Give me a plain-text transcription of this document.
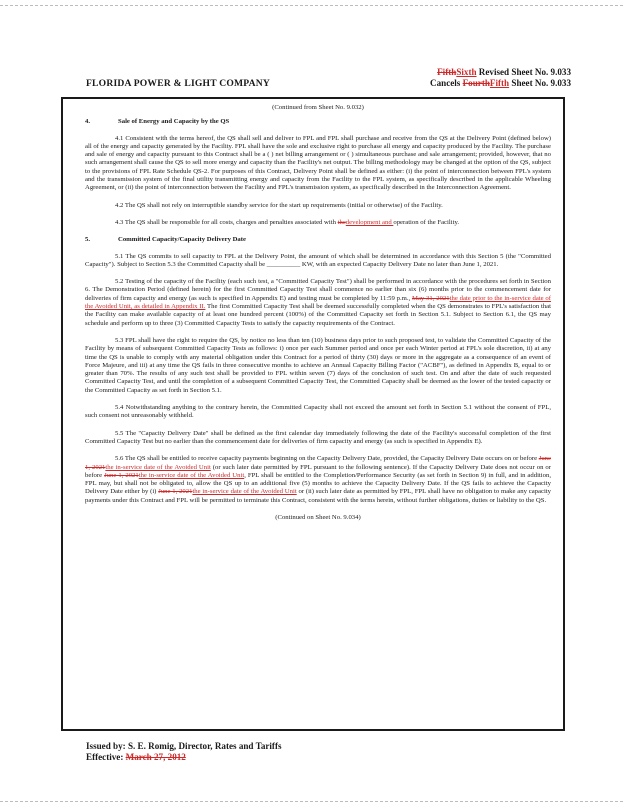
FLORIDA POWER & LIGHT COMPANY
FifthSixth Revised Sheet No. 9.033
Cancels FourthFifth Sheet No. 9.033
(Continued from Sheet No. 9.032)
4.	Sale of Energy and Capacity by the QS

4.1 Consistent with the terms hereof, the QS shall sell and deliver to FPL and FPL shall purchase and receive from the QS at the Delivery Point (defined below) all of the energy and capacity generated by the Facility. FPL shall have the sole and exclusive right to purchase all energy and capacity produced by the Facility. The purchase and sale of energy and capacity pursuant to this Contract shall be a ( ) net billing arrangement or ( ) simultaneous purchase and sale arrangement; provided, however, that no such arrangement shall cause the QS to sell more energy and capacity than the Facility's net output. The billing methodology may be changed at the option of the QS, subject to the provisions of FPL Rate Schedule QS-2. For purposes of this Contract, Delivery Point shall be defined as either: (i) the point of interconnection between FPL's system and the transmission system of the final utility transmitting energy and capacity from the Facility to the FPL system, as specifically described in the applicable Wheeling Agreement, or (ii) the point of interconnection between the Facility and FPL's transmission system, as specifically described in the Interconnection Agreement.

4.2 The QS shall not rely on interruptible standby service for the start up requirements (initial or otherwise) of the Facility.

4.3 The QS shall be responsible for all costs, charges and penalties associated with thedevelopment and operation of the Facility.

5.	Committed Capacity/Capacity Delivery Date

5.1 The QS commits to sell capacity to FPL at the Delivery Point, the amount of which shall be determined in accordance with this Section 5 (the "Committed Capacity"). Subject to Section 5.3 the Committed Capacity shall be __________ KW, with an expected Capacity Delivery Date no later than June 1, 2021.

5.2 Testing of the capacity of the Facility (each such test, a "Committed Capacity Test") shall be performed in accordance with the procedures set forth in Section 6. The Demonstration Period (defined herein) for the first Committed Capacity Test shall commence no earlier than six (6) months prior to the commencement date for deliveries of firm capacity and energy (as such is specified in Appendix E) and testing must be completed by 11:59 p.m., May 31, 2021the date prior to the in-service date of the Avoided Unit, as detailed in Appendix II. The first Committed Capacity Test shall be deemed successfully completed when the QS demonstrates to FPL's satisfaction that the Facility can make available capacity of at least one hundred percent (100%) of the Committed Capacity set forth in Section 5.1. Subject to Section 6.1, the QS may schedule and perform up to three (3) Committed Capacity Tests to satisfy the capacity requirements of the Contract.

5.3 FPL shall have the right to require the QS, by notice no less than ten (10) business days prior to such proposed test, to validate the Committed Capacity of the Facility by means of subsequent Committed Capacity Tests as follows: i) once per each Summer period and once per each Winter period at FPL's sole discretion, ii) at any time the QS is unable to comply with any material obligation under this Contract for a period of thirty (30) days or more in the aggregate as a consequence of an event of Force Majeure, and iii) at any time the QS fails in three consecutive months to achieve an Annual Capacity Billing Factor ("ACBF"), as defined in Appendix B, equal to or greater than 70%. The results of any such test shall be provided to FPL within seven (7) days of the conclusion of such test. On and after the date of such requested Committed Capacity Test, and until the completion of a subsequent Committed Capacity Test, the Committed Capacity shall be deemed as the lower of the tested capacity or the Committed Capacity as set forth in Section 5.1.

5.4 Notwithstanding anything to the contrary herein, the Committed Capacity shall not exceed the amount set forth in Section 5.1 without the consent of FPL, such consent not unreasonably withheld.

5.5 The "Capacity Delivery Date" shall be defined as the first calendar day immediately following the date of the Facility's successful completion of the first Committed Capacity Test but no earlier than the commencement date for deliveries of firm capacity and energy (as such is specified in Appendix E).

5.6 The QS shall be entitled to receive capacity payments beginning on the Capacity Delivery Date, provided, the Capacity Delivery Date occurs on or before June 1, 2021the in-service date of the Avoided Unit (or such later date permitted by FPL pursuant to the following sentence). If the Capacity Delivery Date does not occur on or before June 1, 2021the in-service date of the Avoided Unit, FPL shall be entitled to the Completion/Performance Security (as set forth in Section 9) in full, and in addition, FPL may, but shall not be obligated to, allow the QS up to an additional five (5) months to achieve the Capacity Delivery Date. If the QS fails to achieve the Capacity Delivery Date either by (i) June 1, 2021the in-service date of the Avoided Unit or (ii) such later date as permitted by FPL, FPL shall have no obligation to make any capacity payments under this Contract and FPL will be permitted to terminate this Contract, consistent with the terms herein, without further obligations, duties or liability to the QS.

(Continued on Sheet No. 9.034)
Issued by: S. E. Romig, Director, Rates and Tariffs
Effective: March 27, 2012
